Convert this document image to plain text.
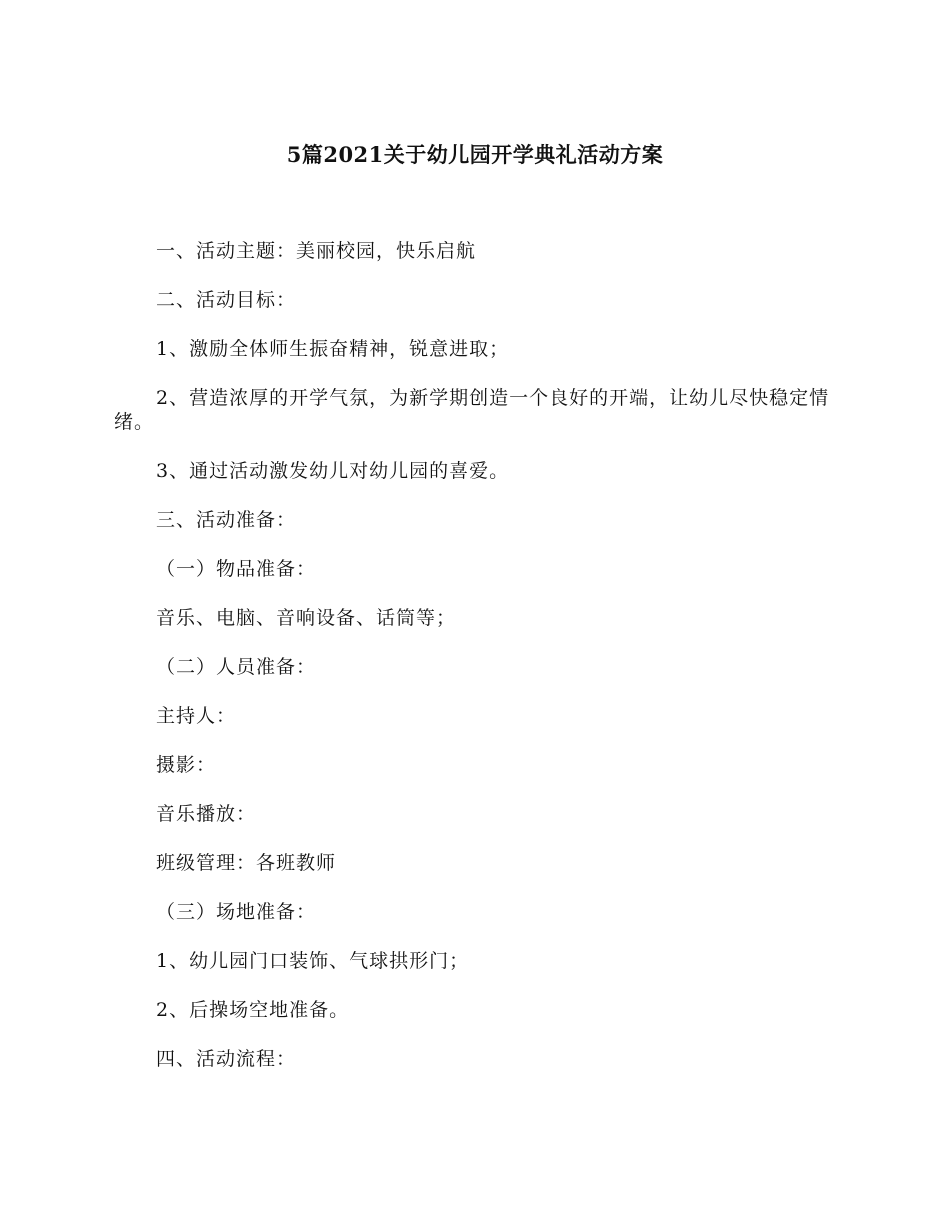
5篇2021关于幼儿园开学典礼活动方案

一、活动主题：美丽校园，快乐启航

二、活动目标：

1、激励全体师生振奋精神，锐意进取；

2、营造浓厚的开学气氛，为新学期创造一个良好的开端，让幼儿尽快稳定情绪。

3、通过活动激发幼儿对幼儿园的喜爱。

三、活动准备：

（一）物品准备：

音乐、电脑、音响设备、话筒等；

（二）人员准备：

主持人：

摄影：

音乐播放：

班级管理：各班教师

（三）场地准备：

1、幼儿园门口装饰、气球拱形门；

2、后操场空地准备。

四、活动流程：
